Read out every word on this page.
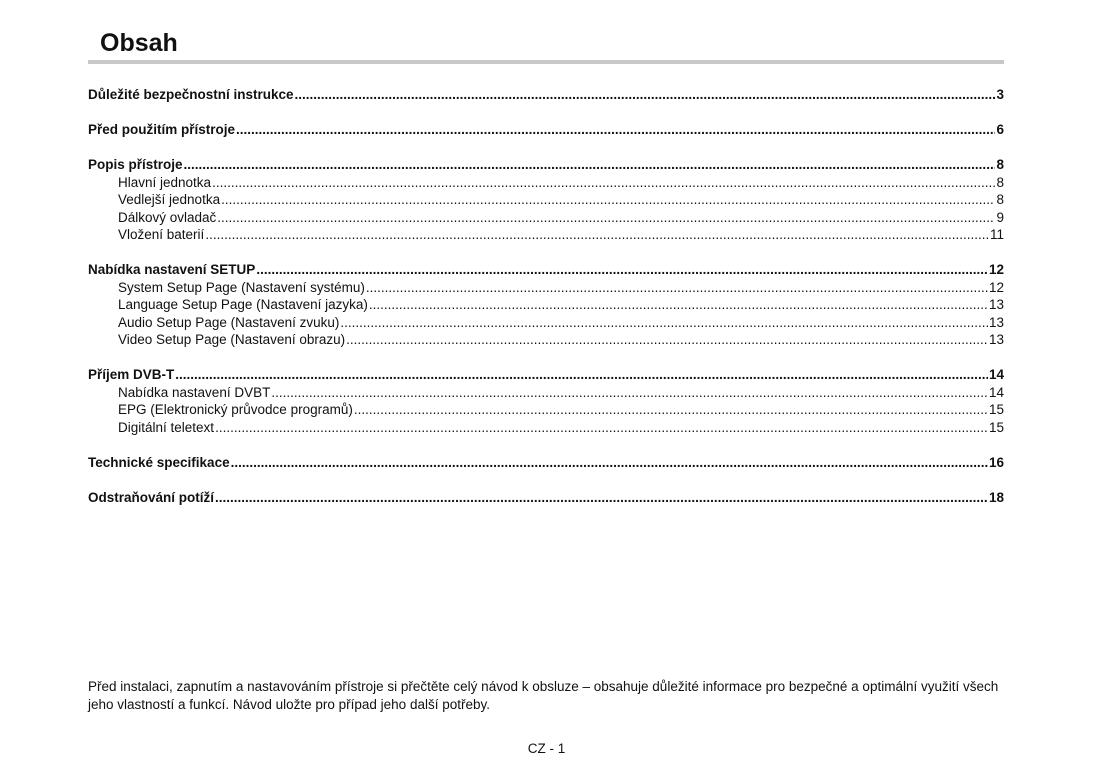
Obsah
Důležité bezpečnostní instrukce .....	3
Před použitím přístroje .....	6
Popis přístroje .....	8
Hlavní jednotka .....	8
Vedlejší jednotka .....	8
Dálkový ovladač .....	9
Vložení baterií .....	11
Nabídka nastavení SETUP .....	12
System Setup Page (Nastavení systému) .....	12
Language Setup Page (Nastavení jazyka) .....	13
Audio Setup Page (Nastavení zvuku) .....	13
Video Setup Page (Nastavení obrazu) .....	13
Příjem DVB-T .....	14
Nabídka nastavení DVBT .....	14
EPG (Elektronický průvodce programů) .....	15
Digitální teletext .....	15
Technické specifikace .....	16
Odstraňování potíží .....	18

Před instalaci, zapnutím a nastavováním přístroje si přečtěte celý návod k obsluze – obsahuje důležité informace pro bezpečné a optimální využití všech jeho vlastností a funkcí. Návod uložte pro případ jeho další potřeby.

CZ - 1
